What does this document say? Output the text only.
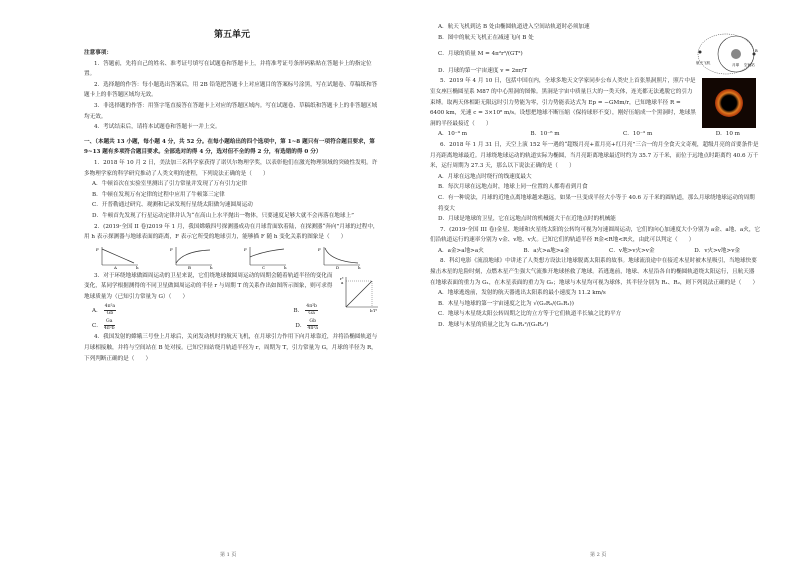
第五单元

注意事项：

1．答题前，先将自己的姓名、准考证号填写在试题卷和答题卡上，并将准考证号条形码粘贴在答题卡上的指定位置。

2．选择题的作答：每小题选出答案后，用 2B 铅笔把答题卡上对应题目的答案标号涂黑，写在试题卷、草稿纸和答题卡上的非答题区域均无效。

3．非选择题的作答：用签字笔直接答在答题卡上对应的答题区域内。写在试题卷、草稿纸和答题卡上的非答题区域均无效。

4．考试结束后，请将本试题卷和答题卡一并上交。

一、（本题共 13 小题，每小题 4 分，共 52 分。在每小题给出的四个选项中，第 1~8 题只有一项符合题目要求，第 9~13 题有多项符合题目要求。全部选对的得 4 分，选对但不全的得 2 分，有选错的得 0 分）

1．2018 年 10 月 2 日，美法加三名科学家获得了诺贝尔物理学奖，以表彰他们在激光物理领域的突破性发明。许多物理学家的科学研究推动了人类文明的进程，下列说法正确的是（　　）

A．牛顿首次在实验室里测出了引力常量并发现了万有引力定律

B．牛顿在发现万有定律的过程中应用了牛顿第三定律

C．开普勒通过研究、观测和记录发现行星绕太阳做匀速圆周运动

D．牛顿首先发现了行星运动定律并认为“在高山上水平抛出一物体，只要速度足够大就不会再落在地球上”

2．(2019·全国 II 卷)2019 年 1 月，我国嫦娥四号探测器成功在月球背面软着陆，在探测器“奔向”月球的过程中，用 h 表示探测器与地球表面的距离，F 表示它所受的地球引力，能够描 F 随 h 变化关系的图象是（　　）

F
h
A
F
h
B
F
h
C
F
h
D

3．对于环绕地球做圆周运动的卫星来说，它们绕地球做圆周运动的周期会随着轨道半径的变化而变化，某同学根据测得的不同卫星做圆周运动的半径 r 与周期 T 的关系作出如图所示图象，则可求得地球质量为（已知引力常量为 G）（　　）

r³
T²
a
b
A． $\frac{\text{4π²a}}{Gb}$	B． $\frac{\text{4π²b}}{Ga}$
C． $\frac{Ga}{\text{4π²b}}$	D． $\frac{Gb}{\text{4π²a}}$

4．我国发射的嫦娥三号登上月球后，关闭发动机时的航天飞机，在月球引力作用下向月球靠近，并将沿椭圆轨道与月球相接触，并将与空间站在 B 处对接。已知空间站绕月轨道半径为 r，周期为 T，引力常量为 G，月球的半径为 R，下列判断正确的是（　　）

A．航天飞机到达 B 处由椭圆轨道进入空间站轨道时必须加速

B．图中的航天飞机正在减速飞向 B 处

C．月球的质量 M = 4π²r³/(GT²)

D．月球的第一宇宙速度 v = 2πr/T

月球
航天飞机	空间站
B

5．2019 年 4 月 10 日，包括中国在内，全球多地天文学家同步公布人类史上首张黑洞照片，照片中是室女座巨椭圆星系 M87 的中心黑洞的图像。黑洞是宇宙中质量巨大的一类天体，连光都无法逃脱它的引力束缚。取两天体相距无限远时引力势能为零，引力势能表达式为 Ep = −GMm/r，已知地球半径 R = 6400 km，光速 c = 3×10⁸ m/s。设想把地球不断压缩（保持球形不变），刚好压缩成一个黑洞时，地球黑洞的半径最接近（　　）

A．10⁻⁹ m	B．10⁻⁶ m	C．10⁻³ m	D．10 m

6．2018 年 1 月 31 日，天空上演 152 年一遇的“超级月亮+蓝月亮+红月亮”三合一的月全食天文奇观，超级月亮的首要条件是月亮距离地球最近。月球绕地球运动的轨道实际为椭圆，当月亮距离地球最近时约为 35.7 万千米，而位于远地点时距离约 40.6 万千米，运行周期为 27.3 天，那么以下说法正确的是（　　）

A．月球在远地点时绕行的线速度最大

B．每次月球在远地点时，地球上同一位置的人都将看到月食

C．有一种说法，月球的近地点离地球越来越远，如果一旦变成半径大小等于 40.6 万千米的圆轨道，那么月球绕地球运动的周期将变大

D．月球是地球的卫星，它在远地点时的机械能大于在近地点时的机械能

7．(2019·全国 III 卷)金星、地球和火星绕太阳的公转均可视为匀速圆周运动，它们的向心加速度大小分别为 a金、a地、a火，它们沿轨道运行的速率分别为 v金、v地、v火。已知它们的轨道半径 R金<R地<R火，由此可以判定（　　）

A．a金>a地>a火	B．a火>a地>a金	C．v地>v火>v金	D．v火>v地>v金

8．科幻电影《流浪地球》中讲述了人类想方设法让地球脱离太阳系的故事。地球流浪途中在接近木星时被木星吸引，当地球快要撞击木星的危险时刻，点燃木星产生强大气流推开地球拯救了地球。若逃逸前，地球、木星沿各自的椭圆轨道绕太阳运行，且航天器在地球表面的重力为 G₁，在木星表面的重力为 G₂；地球与木星均可视为球体，其半径分别为 R₁、R₂，则下列说法正确的是（　　）

A．地球逃逸前，发射的航天器逃出太阳系的最小速度为 11.2 km/s

B．木星与地球的第一宇宙速度之比为 √(G₂R₂/(G₁R₁))

C．地球与木星绕太阳公转周期之比的立方等于它们轨道半长轴之比的平方

D．地球与木星的质量之比为 G₁R₁²/(G₂R₂²)

第 1 页	第 2 页
